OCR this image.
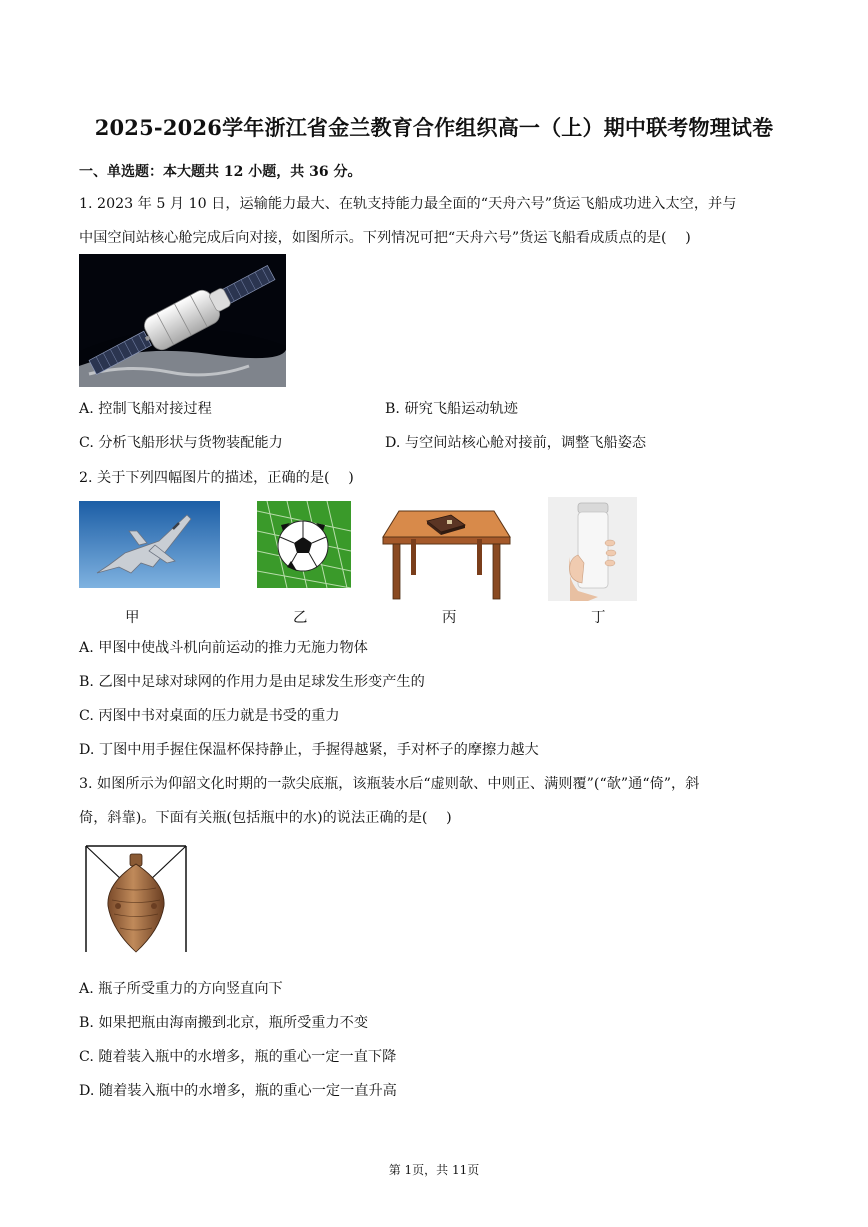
2025-2026学年浙江省金兰教育合作组织高一（上）期中联考物理试卷
一、单选题：本大题共 12 小题，共 36 分。
1. 2023 年 5 月 10 日，运输能力最大、在轨支持能力最全面的“天舟六号”货运飞船成功进入太空，并与
中国空间站核心舱完成后向对接，如图所示。下列情况可把“天舟六号”货运飞船看成质点的是(　 )
A. 控制飞船对接过程	B. 研究飞船运动轨迹
C. 分析飞船形状与货物装配能力	D. 与空间站核心舱对接前，调整飞船姿态
2. 关于下列四幅图片的描述，正确的是(　 )
甲	乙	丙	丁
A. 甲图中使战斗机向前运动的推力无施力物体
B. 乙图中足球对球网的作用力是由足球发生形变产生的
C. 丙图中书对桌面的压力就是书受的重力
D. 丁图中用手握住保温杯保持静止，手握得越紧，手对杯子的摩擦力越大
3. 如图所示为仰韶文化时期的一款尖底瓶，该瓶装水后“虚则欹、中则正、满则覆”(“欹”通“倚”，斜
倚，斜靠)。下面有关瓶(包括瓶中的水)的说法正确的是(　 )
A. 瓶子所受重力的方向竖直向下
B. 如果把瓶由海南搬到北京，瓶所受重力不变
C. 随着装入瓶中的水增多，瓶的重心一定一直下降
D. 随着装入瓶中的水增多，瓶的重心一定一直升高
第 1页，共 11页
